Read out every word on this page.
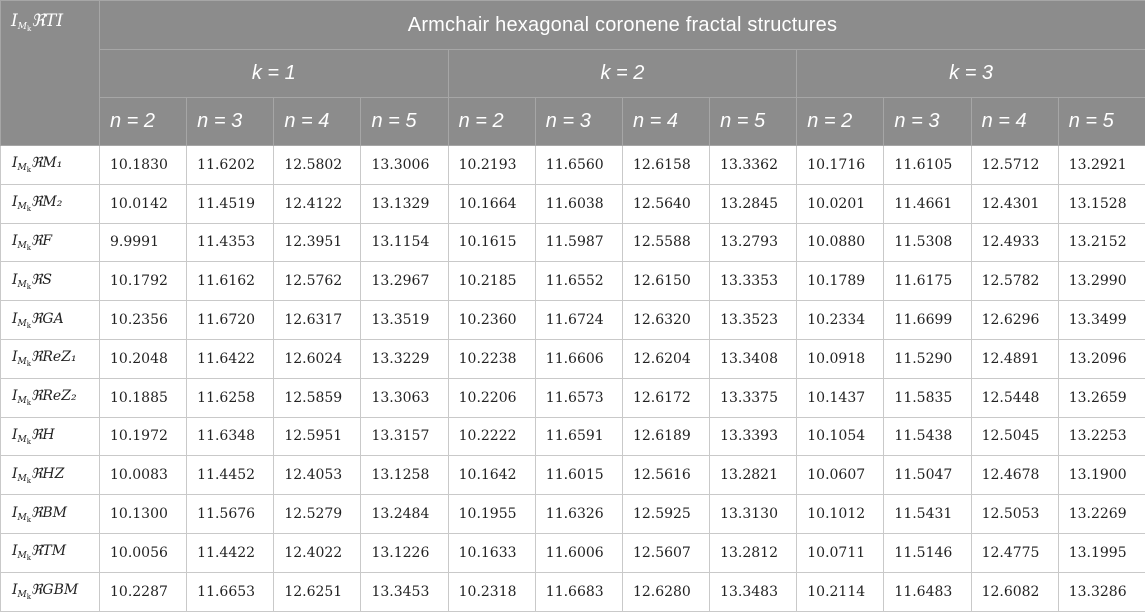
$I_{M_k}ℜTI$	Armchair hexagonal coronene fractal structures											
	k = 1				k = 2				k = 3			
	n = 2	n = 3	n = 4	n = 5	n = 2	n = 3	n = 4	n = 5	n = 2	n = 3	n = 4	n = 5
$I_{M_k}ℜM_1$	10.1830	11.6202	12.5802	13.3006	10.2193	11.6560	12.6158	13.3362	10.1716	11.6105	12.5712	13.2921
$I_{M_k}ℜM_2$	10.0142	11.4519	12.4122	13.1329	10.1664	11.6038	12.5640	13.2845	10.0201	11.4661	12.4301	13.1528
$I_{M_k}ℜF$	9.9991	11.4353	12.3951	13.1154	10.1615	11.5987	12.5588	13.2793	10.0880	11.5308	12.4933	13.2152
$I_{M_k}ℜS$	10.1792	11.6162	12.5762	13.2967	10.2185	11.6552	12.6150	13.3353	10.1789	11.6175	12.5782	13.2990
$I_{M_k}ℜGA$	10.2356	11.6720	12.6317	13.3519	10.2360	11.6724	12.6320	13.3523	10.2334	11.6699	12.6296	13.3499
$I_{M_k}ℜReZ_1$	10.2048	11.6422	12.6024	13.3229	10.2238	11.6606	12.6204	13.3408	10.0918	11.5290	12.4891	13.2096
$I_{M_k}ℜReZ_2$	10.1885	11.6258	12.5859	13.3063	10.2206	11.6573	12.6172	13.3375	10.1437	11.5835	12.5448	13.2659
$I_{M_k}ℜH$	10.1972	11.6348	12.5951	13.3157	10.2222	11.6591	12.6189	13.3393	10.1054	11.5438	12.5045	13.2253
$I_{M_k}ℜHZ$	10.0083	11.4452	12.4053	13.1258	10.1642	11.6015	12.5616	13.2821	10.0607	11.5047	12.4678	13.1900
$I_{M_k}ℜBM$	10.1300	11.5676	12.5279	13.2484	10.1955	11.6326	12.5925	13.3130	10.1012	11.5431	12.5053	13.2269
$I_{M_k}ℜTM$	10.0056	11.4422	12.4022	13.1226	10.1633	11.6006	12.5607	13.2812	10.0711	11.5146	12.4775	13.1995
$I_{M_k}ℜGBM$	10.2287	11.6653	12.6251	13.3453	10.2318	11.6683	12.6280	13.3483	10.2114	11.6483	12.6082	13.3286
